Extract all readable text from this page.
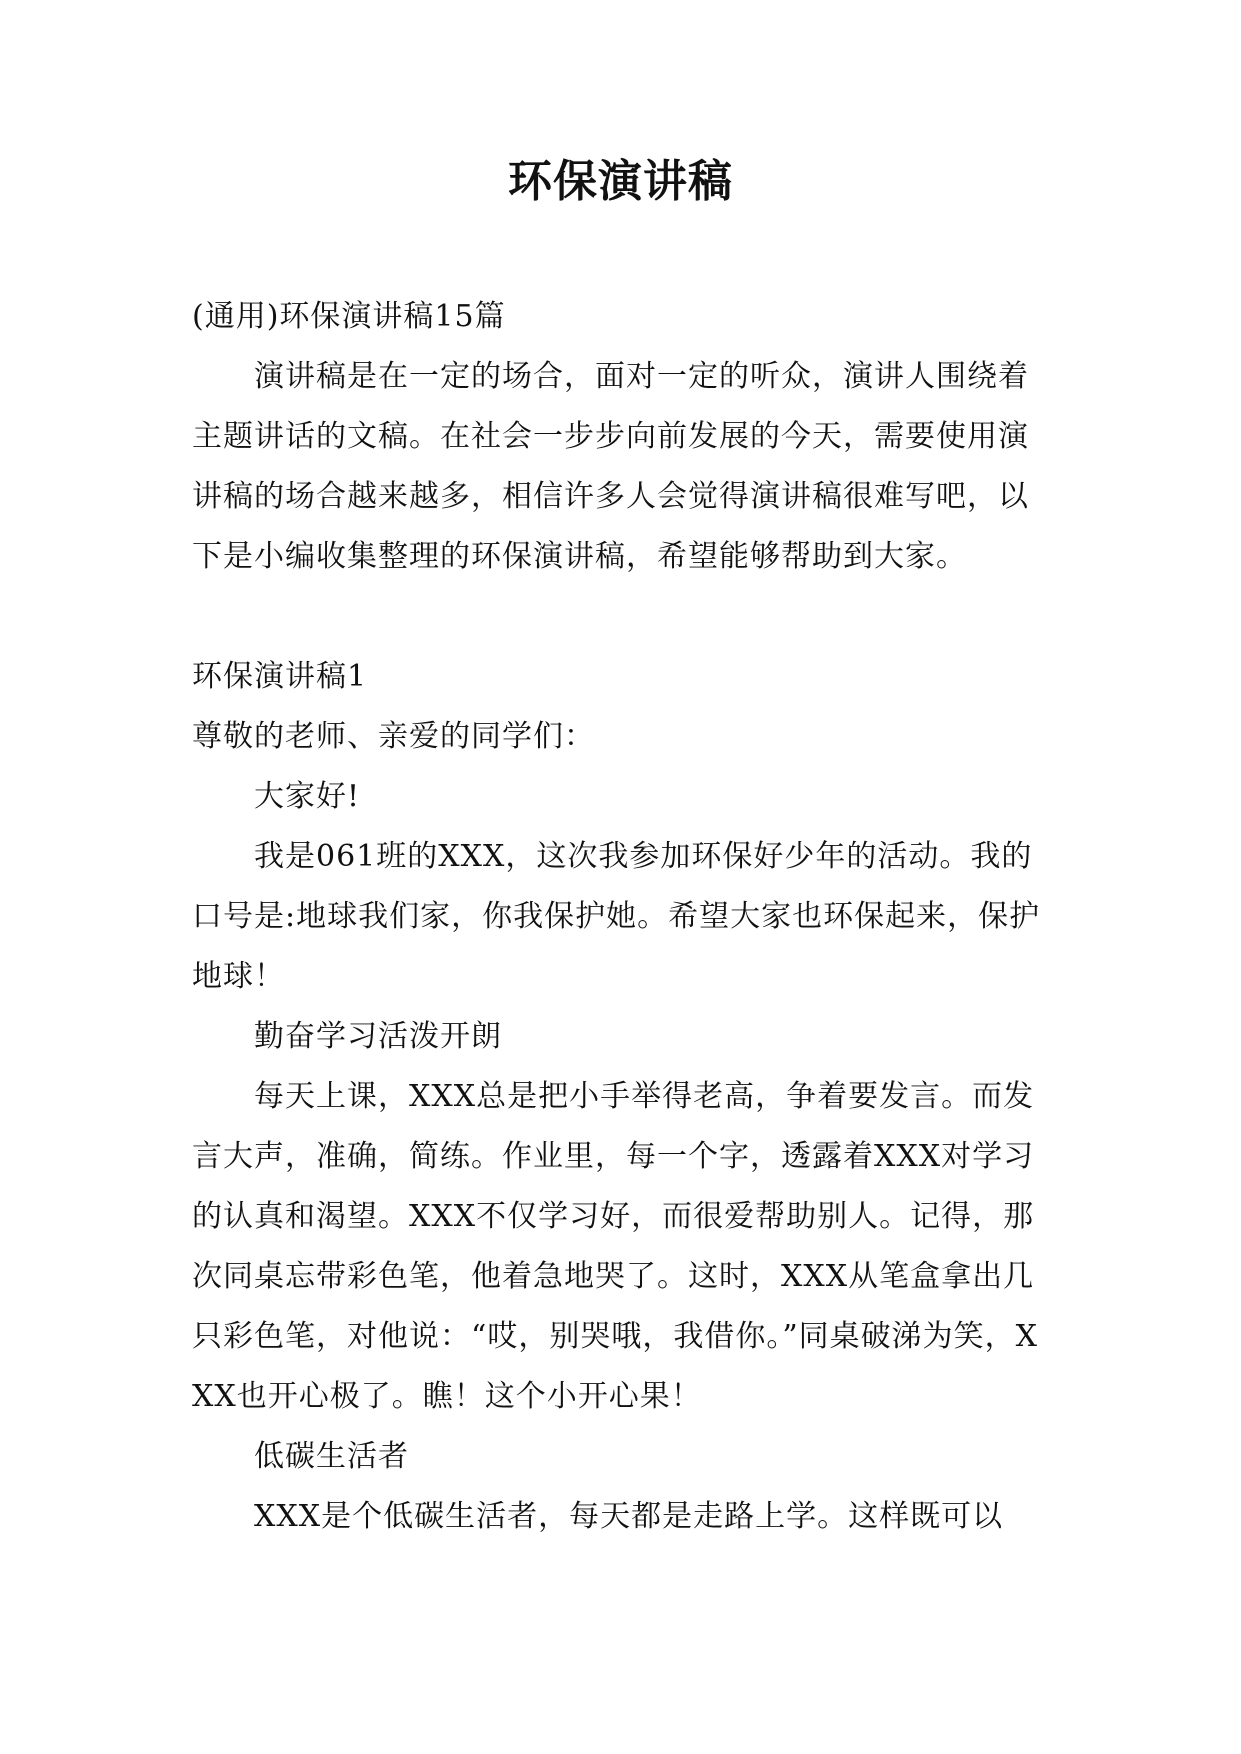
环保演讲稿

(通用)环保演讲稿15篇

演讲稿是在一定的场合，面对一定的听众，演讲人围绕着主题讲话的文稿。在社会一步步向前发展的今天，需要使用演讲稿的场合越来越多，相信许多人会觉得演讲稿很难写吧，以下是小编收集整理的环保演讲稿，希望能够帮助到大家。

环保演讲稿1

尊敬的老师、亲爱的同学们：

大家好!

我是061班的XXX，这次我参加环保好少年的活动。我的口号是:地球我们家，你我保护她。希望大家也环保起来，保护地球！

勤奋学习活泼开朗

每天上课，XXX总是把小手举得老高，争着要发言。而发言大声，准确，简练。作业里，每一个字，透露着XXX对学习的认真和渴望。XXX不仅学习好，而很爱帮助别人。记得，那次同桌忘带彩色笔，他着急地哭了。这时，XXX从笔盒拿出几只彩色笔，对他说：“哎，别哭哦，我借你。”同桌破涕为笑，XXX也开心极了。瞧！这个小开心果！

低碳生活者

XXX是个低碳生活者，每天都是走路上学。这样既可以
